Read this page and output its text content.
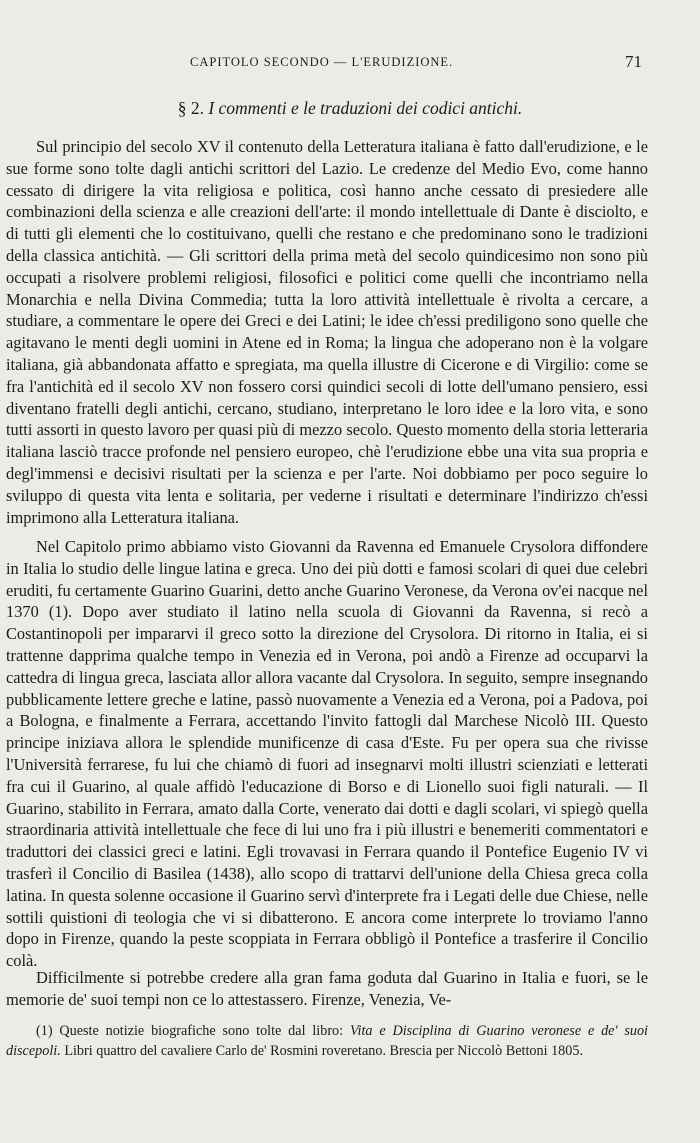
CAPITOLO SECONDO — L'ERUDIZIONE.	71
§ 2. I commenti e le traduzioni dei codici antichi.

Sul principio del secolo XV il contenuto della Letteratura italiana è fatto dall'erudizione, e le sue forme sono tolte dagli antichi scrittori del Lazio. Le credenze del Medio Evo, come hanno cessato di dirigere la vita religiosa e politica, così hanno anche cessato di presiedere alle combinazioni della scienza e alle creazioni dell'arte: il mondo intellettuale di Dante è disciolto, e di tutti gli elementi che lo costituivano, quelli che restano e che predominano sono le tradizioni della classica antichità. — Gli scrittori della prima metà del secolo quindicesimo non sono più occupati a risolvere problemi religiosi, filosofici e politici come quelli che incontriamo nella Monarchia e nella Divina Commedia; tutta la loro attività intellettuale è rivolta a cercare, a studiare, a commentare le opere dei Greci e dei Latini; le idee ch'essi prediligono sono quelle che agitavano le menti degli uomini in Atene ed in Roma; la lingua che adoperano non è la volgare italiana, già abbandonata affatto e spregiata, ma quella illustre di Cicerone e di Virgilio: come se fra l'antichità ed il secolo XV non fossero corsi quindici secoli di lotte dell'umano pensiero, essi diventano fratelli degli antichi, cercano, studiano, interpretano le loro idee e la loro vita, e sono tutti assorti in questo lavoro per quasi più di mezzo secolo. Questo momento della storia letteraria italiana lasciò tracce profonde nel pensiero europeo, chè l'erudizione ebbe una vita sua propria e degl'immensi e decisivi risultati per la scienza e per l'arte. Noi dobbiamo per poco seguire lo sviluppo di questa vita lenta e solitaria, per vederne i risultati e determinare l'indirizzo ch'essi imprimono alla Letteratura italiana.

Nel Capitolo primo abbiamo visto Giovanni da Ravenna ed Emanuele Crysolora diffondere in Italia lo studio delle lingue latina e greca. Uno dei più dotti e famosi scolari di quei due celebri eruditi, fu certamente Guarino Guarini, detto anche Guarino Veronese, da Verona ov'ei nacque nel 1370 (1). Dopo aver studiato il latino nella scuola di Giovanni da Ravenna, si recò a Costantinopoli per impararvi il greco sotto la direzione del Crysolora. Di ritorno in Italia, ei si trattenne dapprima qualche tempo in Venezia ed in Verona, poi andò a Firenze ad occuparvi la cattedra di lingua greca, lasciata allor allora vacante dal Crysolora. In seguito, sempre insegnando pubblicamente lettere greche e latine, passò nuovamente a Venezia ed a Verona, poi a Padova, poi a Bologna, e finalmente a Ferrara, accettando l'invito fattogli dal Marchese Nicolò III. Questo principe iniziava allora le splendide munificenze di casa d'Este. Fu per opera sua che rivisse l'Università ferrarese, fu lui che chiamò di fuori ad insegnarvi molti illustri scienziati e letterati fra cui il Guarino, al quale affidò l'educazione di Borso e di Lionello suoi figli naturali. — Il Guarino, stabilito in Ferrara, amato dalla Corte, venerato dai dotti e dagli scolari, vi spiegò quella straordinaria attività intellettuale che fece di lui uno fra i più illustri e benemeriti commentatori e traduttori dei classici greci e latini. Egli trovavasi in Ferrara quando il Pontefice Eugenio IV vi trasferì il Concilio di Basilea (1438), allo scopo di trattarvi dell'unione della Chiesa greca colla latina. In questa solenne occasione il Guarino servì d'interprete fra i Legati delle due Chiese, nelle sottili quistioni di teologia che vi si dibatterono. E ancora come interprete lo troviamo l'anno dopo in Firenze, quando la peste scoppiata in Ferrara obbligò il Pontefice a trasferire il Concilio colà.

Difficilmente si potrebbe credere alla gran fama goduta dal Guarino in Italia e fuori, se le memorie de' suoi tempi non ce lo attestassero. Firenze, Venezia, Ve-

(1) Queste notizie biografiche sono tolte dal libro: Vita e Disciplina di Guarino veronese e de' suoi discepoli. Libri quattro del cavaliere Carlo de' Rosmini roveretano. Brescia per Niccolò Bettoni 1805.
